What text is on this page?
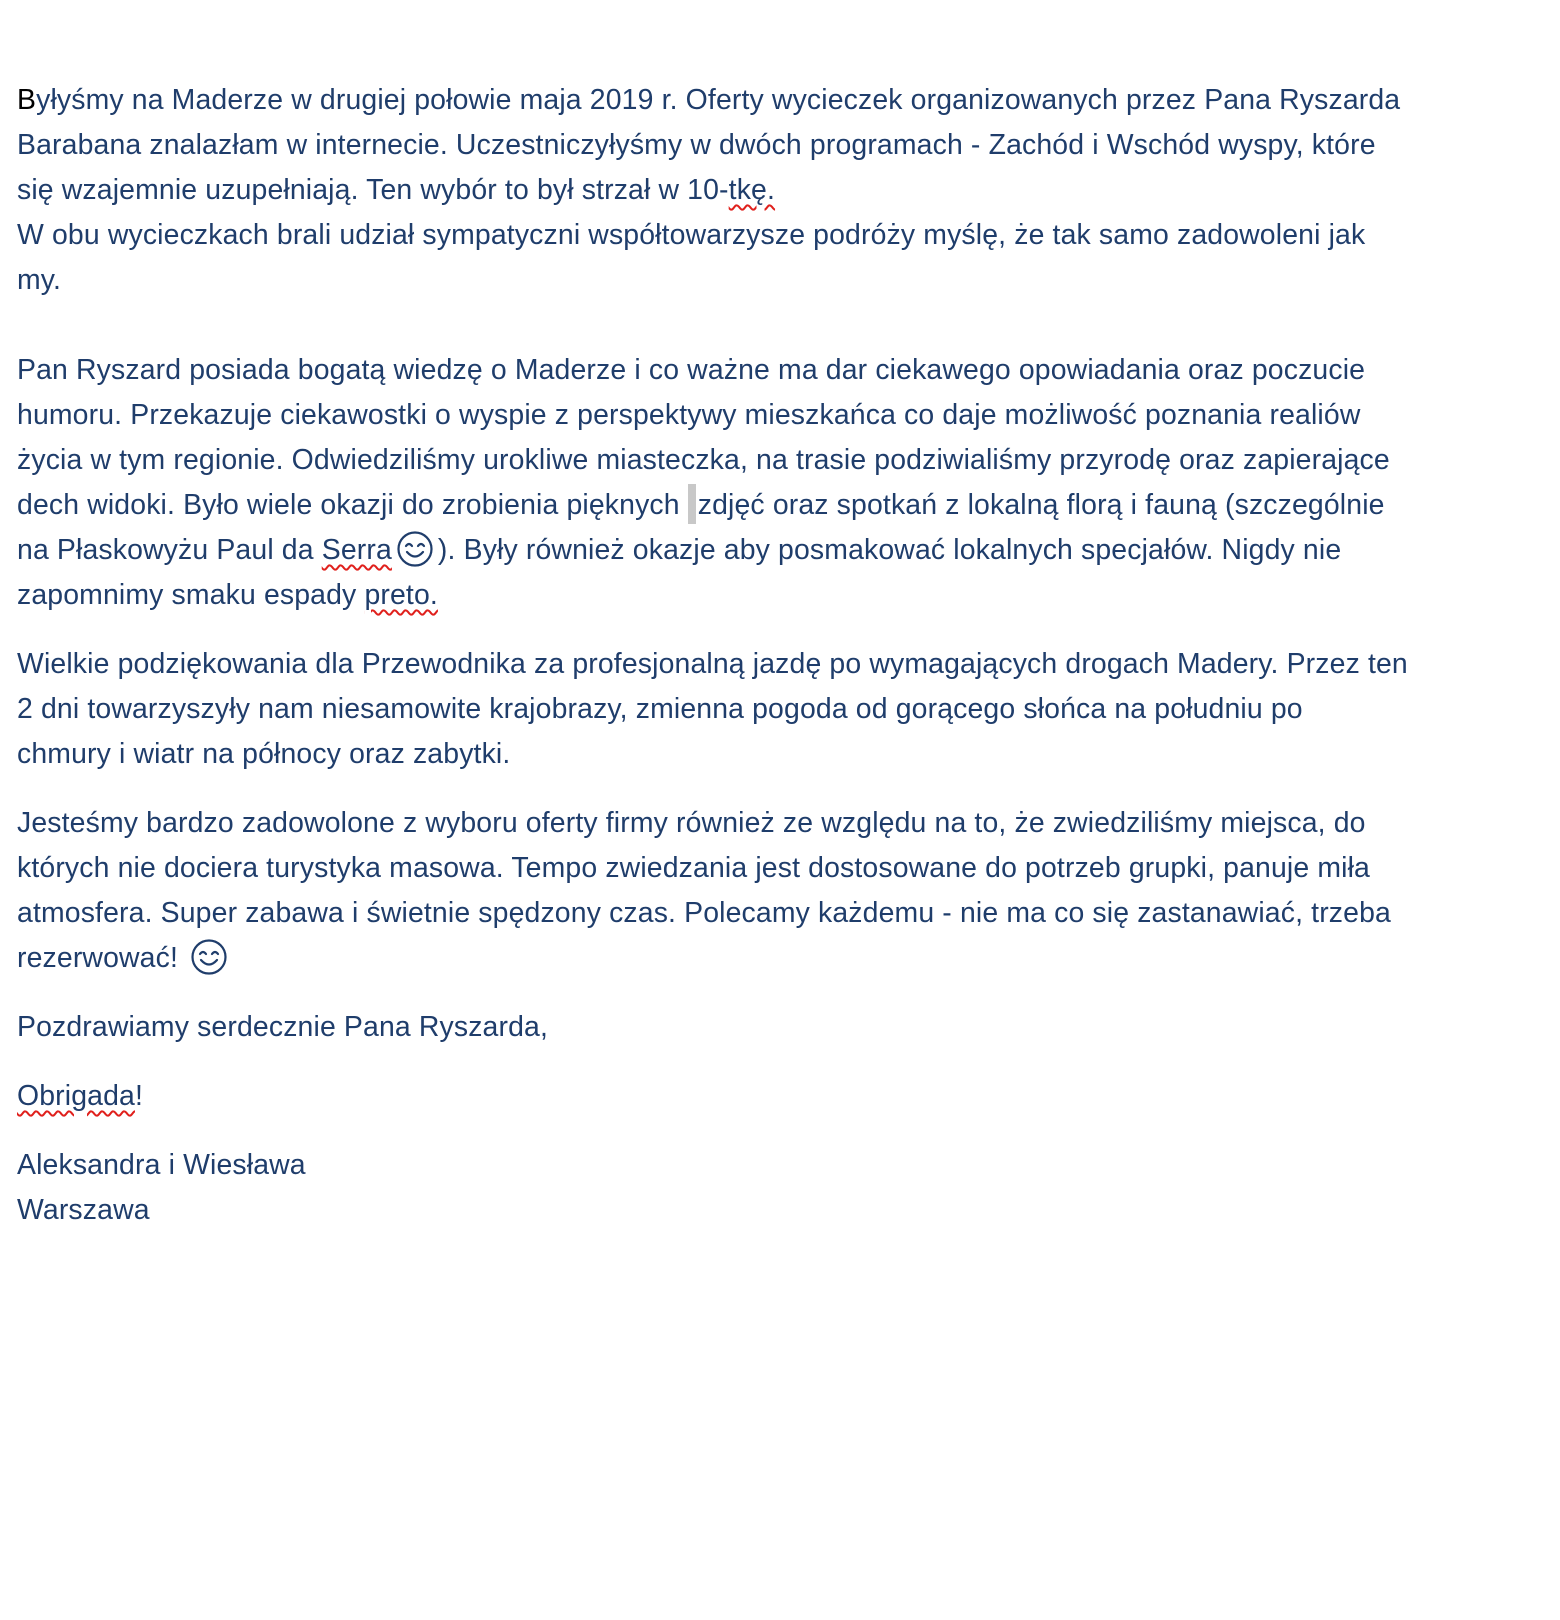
Byłyśmy na Maderze w drugiej połowie maja 2019 r. Oferty wycieczek organizowanych przez Pana Ryszarda
Barabana znalazłam w internecie. Uczestniczyłyśmy w dwóch programach - Zachód i Wschód wyspy, które
się wzajemnie uzupełniają. Ten wybór to był strzał w 10-tkę.
W obu wycieczkach brali udział sympatyczni współtowarzysze podróży myślę, że tak samo zadowoleni jak
my.
Pan Ryszard posiada bogatą wiedzę o Maderze i co ważne ma dar ciekawego opowiadania oraz poczucie
humoru. Przekazuje ciekawostki o wyspie z perspektywy mieszkańca co daje możliwość poznania realiów
życia w tym regionie. Odwiedziliśmy urokliwe miasteczka, na trasie podziwialiśmy przyrodę oraz zapierające
dech widoki. Było wiele okazji do zrobienia pięknych zdjęć oraz spotkań z lokalną florą i fauną (szczególnie
na Płaskowyżu Paul da Serra ). Były również okazje aby posmakować lokalnych specjałów. Nigdy nie
zapomnimy smaku espady preto.
Wielkie podziękowania dla Przewodnika za profesjonalną jazdę po wymagających drogach Madery. Przez ten
2 dni towarzyszyły nam niesamowite krajobrazy, zmienna pogoda od gorącego słońca na południu po
chmury i wiatr na północy oraz zabytki.
Jesteśmy bardzo zadowolone z wyboru oferty firmy również ze względu na to, że zwiedziliśmy miejsca, do
których nie dociera turystyka masowa. Tempo zwiedzania jest dostosowane do potrzeb grupki, panuje miła
atmosfera. Super zabawa i świetnie spędzony czas. Polecamy każdemu - nie ma co się zastanawiać, trzeba
rezerwować!
Pozdrawiamy serdecznie Pana Ryszarda,
Obrigada!
Aleksandra i Wiesława
Warszawa
